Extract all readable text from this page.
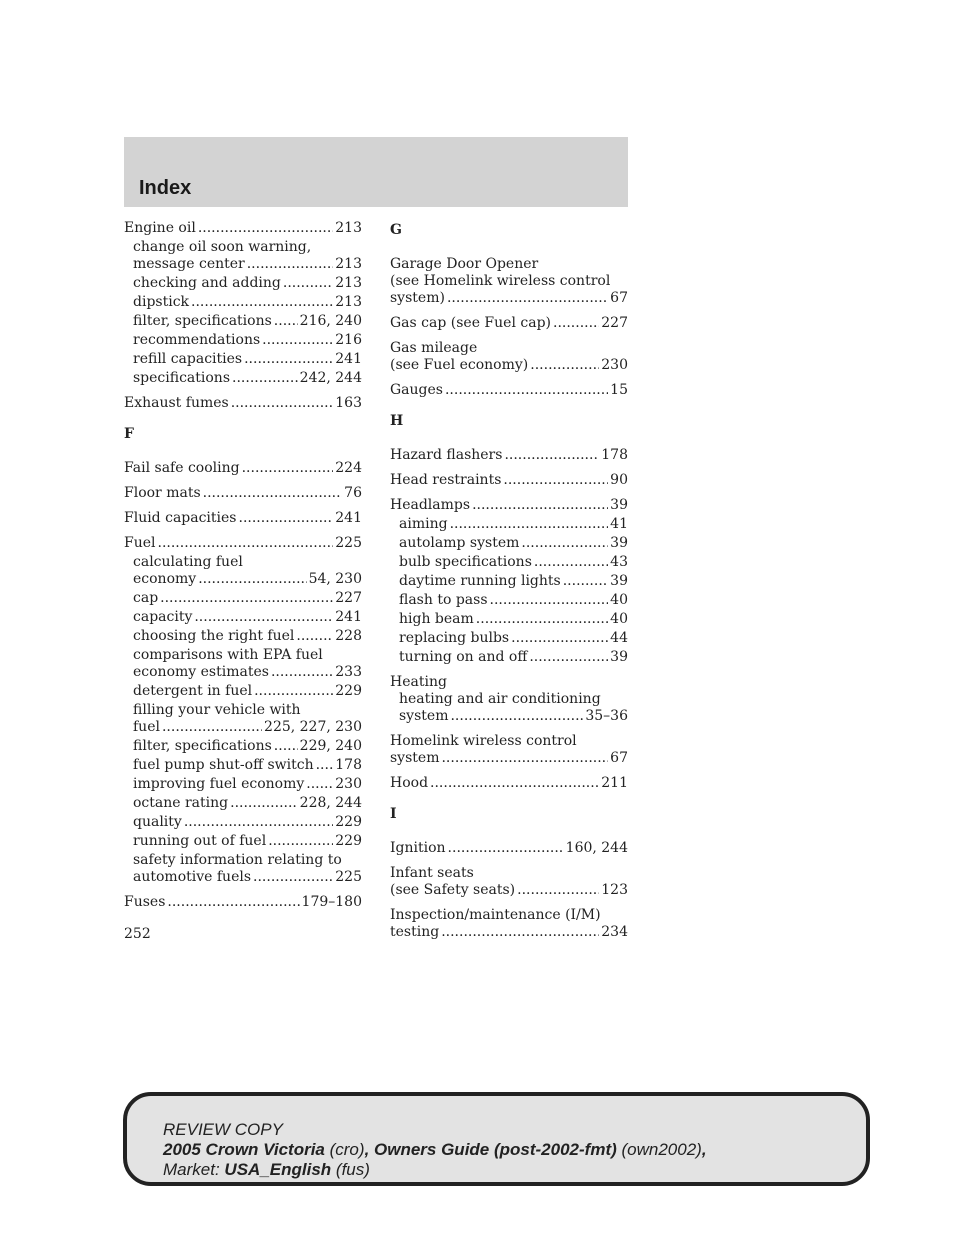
Index
Engine oil .....	213
change oil soon warning,
message center .....	213
checking and adding .....	213
dipstick .....	213
filter, specifications ..... 216, 240
recommendations .....	216
refill capacities .....	241
specifications .....	242, 244
Exhaust fumes .....	163
F
Fail safe cooling .....	224
Floor mats .....	76
Fluid capacities .....	241
Fuel .....	225
calculating fuel
economy .....	54, 230
cap .....	227
capacity .....	241
choosing the right fuel .....	228
comparisons with EPA fuel
economy estimates .....	233
detergent in fuel .....	229
filling your vehicle with
fuel .....	225, 227, 230
filter, specifications ..... 229, 240
fuel pump shut-off switch ..... 178
improving fuel economy ..... 230
octane rating .....	228, 244
quality .....	229
running out of fuel .....	229
safety information relating to
automotive fuels .....	225
Fuses .....	179–180
G
Garage Door Opener
(see Homelink wireless control
system) .....	67
Gas cap (see Fuel cap) .....	227
Gas mileage
(see Fuel economy) .....	230
Gauges .....	15
H
Hazard flashers .....	178
Head restraints .....	90
Headlamps .....	39
aiming .....	41
autolamp system .....	39
bulb specifications .....	43
daytime running lights .....	39
flash to pass .....	40
high beam .....	40
replacing bulbs .....	44
turning on and off .....	39
Heating
heating and air conditioning
system .....	35–36
Homelink wireless control
system .....	67
Hood .....	211
I
Ignition .....	160, 244
Infant seats
(see Safety seats) .....	123
Inspection/maintenance (I/M)
testing .....	234
252
REVIEW COPY
2005 Crown Victoria (cro), Owners Guide (post-2002-fmt) (own2002),
Market: USA_English (fus)
